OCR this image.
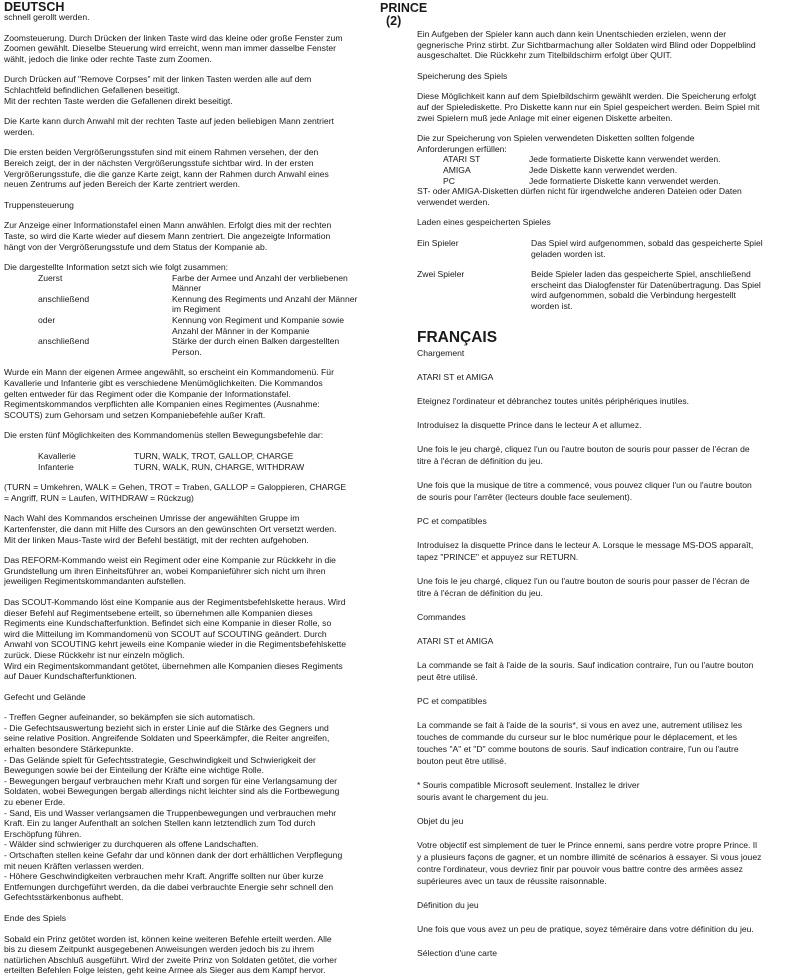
PRINCE
(2)
DEUTSCH

schnell gerollt werden.

Zoomsteuerung. Durch Drücken der linken Taste wird das kleine oder große Fenster zum
Zoomen gewählt. Dieselbe Steuerung wird erreicht, wenn man immer dasselbe Fenster
wählt, jedoch die linke oder rechte Taste zum Zoomen.

Durch Drücken auf "Remove Corpses" mit der linken Tasten werden alle auf dem
Schlachtfeld befindlichen Gefallenen beseitigt.
Mit der rechten Taste werden die Gefallenen direkt beseitigt.

Die Karte kann durch Anwahl mit der rechten Taste auf jeden beliebigen Mann zentriert
werden.

Die ersten beiden Vergrößerungsstufen sind mit einem Rahmen versehen, der den
Bereich zeigt, der in der nächsten Vergrößerungsstufe sichtbar wird. In der ersten
Vergrößerungsstufe, die die ganze Karte zeigt, kann der Rahmen durch Anwahl eines
neuen Zentrums auf jeden Bereich der Karte zentriert werden.

Truppensteuerung

Zur Anzeige einer Informationstafel einen Mann anwählen. Erfolgt dies mit der rechten
Taste, so wird die Karte wieder auf diesem Mann zentriert. Die angezeigte Information
hängt von der Vergrößerungsstufe und dem Status der Kompanie ab.

Die dargestellte Information setzt sich wie folgt zusammen:

Zuerst	Farbe der Armee und Anzahl der verbliebenen
Männer
anschließend	Kennung des Regiments und Anzahl der Männer
im Regiment
oder	Kennung von Regiment und Kompanie sowie
Anzahl der Männer in der Kompanie
anschließend	Stärke der durch einen Balken dargestellten
Person.

Wurde ein Mann der eigenen Armee angewählt, so erscheint ein Kommandomenü. Für
Kavallerie und Infanterie gibt es verschiedene Menümöglichkeiten. Die Kommandos
gelten entweder für das Regiment oder die Kompanie der Informationstafel.
Regimentskommandos verpflichten alle Kompanien eines Regimentes (Ausnahme:
SCOUTS) zum Gehorsam und setzen Kompaniebefehle außer Kraft.

Die ersten fünf Möglichkeiten des Kommandomenüs stellen Bewegungsbefehle dar:

Kavallerie	TURN, WALK, TROT, GALLOP, CHARGE
Infanterie	TURN, WALK, RUN, CHARGE, WITHDRAW

(TURN = Umkehren, WALK = Gehen, TROT = Traben, GALLOP = Galoppieren, CHARGE
= Angriff, RUN = Laufen, WITHDRAW = Rückzug)

Nach Wahl des Kommandos erscheinen Umrisse der angewählten Gruppe im
Kartenfenster, die dann mit Hilfe des Cursors an den gewünschten Ort versetzt werden.
Mit der linken Maus-Taste wird der Befehl bestätigt, mit der rechten aufgehoben.

Das REFORM-Kommando weist ein Regiment oder eine Kompanie zur Rückkehr in die
Grundstellung um ihren Einheitsführer an, wobei Kompanieführer sich nicht um ihren
jeweiligen Regimentskommandanten aufstellen.

Das SCOUT-Kommando löst eine Kompanie aus der Regimentsbefehlskette heraus. Wird
dieser Befehl auf Regimentsebene erteilt, so übernehmen alle Kompanien dieses
Regiments eine Kundschafterfunktion. Befindet sich eine Kompanie in dieser Rolle, so
wird die Mitteilung im Kommandomenü von SCOUT auf SCOUTING geändert. Durch
Anwahl von SCOUTING kehrt jeweils eine Kompanie wieder in die Regimentsbefehlskette
zurück. Diese Rückkehr ist nur einzeln möglich.
Wird ein Regimentskommandant getötet, übernehmen alle Kompanien dieses Regiments
auf Dauer Kundschafterfunktionen.

Gefecht und Gelände

- Treffen Gegner aufeinander, so bekämpfen sie sich automatisch.
- Die Gefechtsauswertung bezieht sich in erster Linie auf die Stärke des Gegners und
seine relative Position. Angreifende Soldaten und Speerkämpfer, die Reiter angreifen,
erhalten besondere Stärkepunkte.
- Das Gelände spielt für Gefechtsstrategie, Geschwindigkeit und Schwierigkeit der
Bewegungen sowie bei der Einteilung der Kräfte eine wichtige Rolle.
- Bewegungen bergauf verbrauchen mehr Kraft und sorgen für eine Verlangsamung der
Soldaten, wobei Bewegungen bergab allerdings nicht leichter sind als die Fortbewegung
zu ebener Erde.
- Sand, Eis und Wasser verlangsamen die Truppenbewegungen und verbrauchen mehr
Kraft. Ein zu langer Aufenthalt an solchen Stellen kann letztendlich zum Tod durch
Erschöpfung führen.
- Wälder sind schwieriger zu durchqueren als offene Landschaften.
- Ortschaften stellen keine Gefahr dar und können dank der dort erhältlichen Verpflegung
mit neuen Kräften verlassen werden.
- Höhere Geschwindigkeiten verbrauchen mehr Kraft. Angriffe sollten nur über kurze
Entfernungen durchgeführt werden, da die dabei verbrauchte Energie sehr schnell den
Gefechtsstärkenbonus aufhebt.

Ende des Spiels

Sobald ein Prinz getötet worden ist, können keine weiteren Befehle erteilt werden. Alle
bis zu diesem Zeitpunkt ausgegebenen Anweisungen werden jedoch bis zu ihrem
natürlichen Abschluß ausgeführt. Wird der zweite Prinz von Soldaten getötet, die vorher
erteilten Befehlen Folge leisten, geht keine Armee als Sieger aus dem Kampf hervor.

Ein Aufgeben der Spieler kann auch dann kein Unentschieden erzielen, wenn der
gegnerische Prinz stirbt. Zur Sichtbarmachung aller Soldaten wird Blind oder Doppelblind
ausgeschaltet. Die Rückkehr zum Titelbildschirm erfolgt über QUIT.

Speicherung des Spiels

Diese Möglichkeit kann auf dem Spielbildschirm gewählt werden. Die Speicherung erfolgt
auf der Spielediskette. Pro Diskette kann nur ein Spiel gespeichert werden. Beim Spiel mit
zwei Spielern muß jede Anlage mit einer eigenen Diskette arbeiten.

Die zur Speicherung von Spielen verwendeten Disketten sollten folgende
Anforderungen erfüllen:

ATARI ST	Jede formatierte Diskette kann verwendet werden.
AMIGA	Jede Diskette kann verwendet werden.
PC	Jede formatierte Diskette kann verwendet werden.

ST- oder AMIGA-Disketten dürfen nicht für irgendwelche anderen Dateien oder Daten
verwendet werden.

Laden eines gespeicherten Spieles

Ein Spieler	Das Spiel wird aufgenommen, sobald das gespeicherte Spiel
geladen worden ist.
Zwei Spieler	Beide Spieler laden das gespeicherte Spiel, anschließend
erscheint das Dialogfenster für Datenübertragung. Das Spiel
wird aufgenommen, sobald die Verbindung hergestellt
worden ist.
FRANÇAIS

Chargement

ATARI ST et AMIGA

Eteignez l'ordinateur et débranchez toutes unités périphériques inutiles.

Introduisez la disquette Prince dans le lecteur A et allumez.

Une fois le jeu chargé, cliquez l'un ou l'autre bouton de souris pour passer de l'écran de
titre à l'écran de définition du jeu.

Une fois que la musique de titre a commencé, vous pouvez cliquer l'un ou l'autre bouton
de souris pour l'arrêter (lecteurs double face seulement).

PC et compatibles

Introduisez la disquette Prince dans le lecteur A. Lorsque le message MS-DOS apparaît,
tapez "PRINCE" et appuyez sur RETURN.

Une fois le jeu chargé, cliquez l'un ou l'autre bouton de souris pour passer de l'écran de
titre à l'écran de définition du jeu.

Commandes

ATARI ST et AMIGA

La commande se fait à l'aide de la souris. Sauf indication contraire, l'un ou l'autre bouton
peut être utilisé.

PC et compatibles

La commande se fait à l'aide de la souris*, si vous en avez une, autrement utilisez les
touches de commande du curseur sur le bloc numérique pour le déplacement, et les
touches "A" et "D" comme boutons de souris. Sauf indication contraire, l'un ou l'autre
bouton peut être utilisé.

* Souris compatible Microsoft seulement. Installez le driver
souris avant le chargement du jeu.

Objet du jeu

Votre objectif est simplement de tuer le Prince ennemi, sans perdre votre propre Prince. Il
y a plusieurs façons de gagner, et un nombre illimité de scénarios à essayer. Si vous jouez
contre l'ordinateur, vous devriez finir par pouvoir vous battre contre des armées assez
supérieures avec un taux de réussite raisonnable.

Définition du jeu

Une fois que vous avez un peu de pratique, soyez téméraire dans votre définition du jeu.

Sélection d'une carte
